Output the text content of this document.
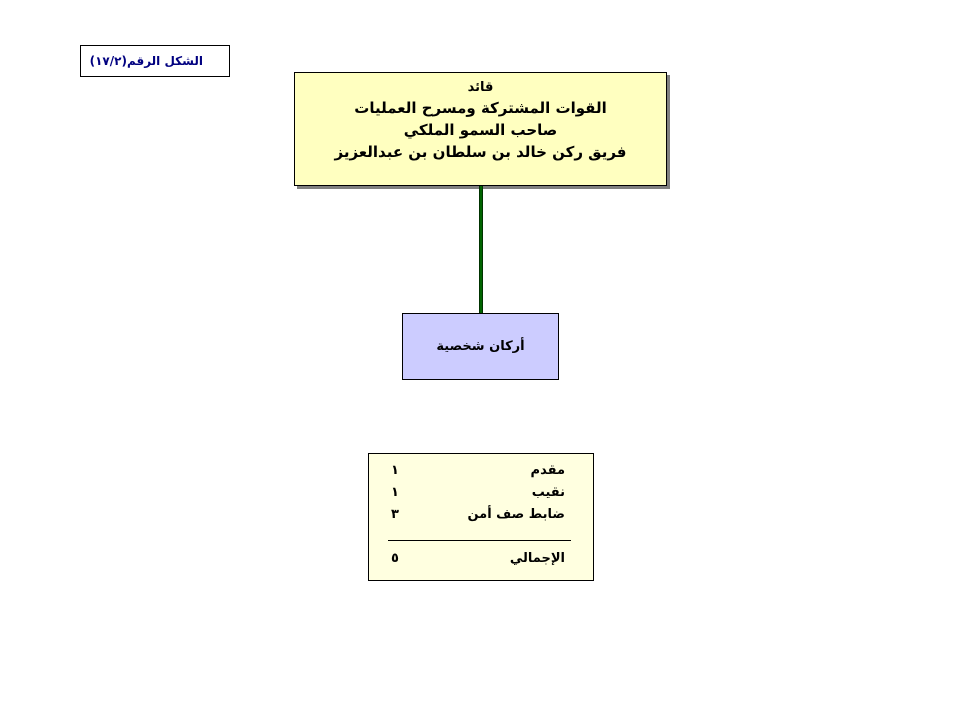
الشكل الرقم(١٧/٢)
قائد
القوات المشتركة ومسرح العمليات
صاحب السمو الملكي
فريق ركن خالد بن سلطان بن عبدالعزيز
أركان شخصية
مقدم
١
نقيب
١
ضابط صف أمن
٣
الإجمالي
٥
